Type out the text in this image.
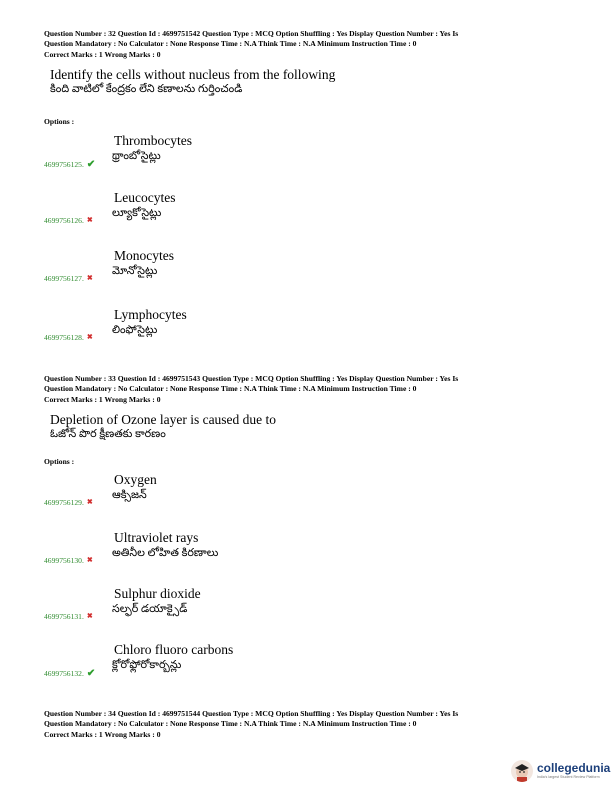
Question Number : 32 Question Id : 4699751542 Question Type : MCQ Option Shuffling : Yes Display Question Number : Yes Is
Question Mandatory : No Calculator : None Response Time : N.A Think Time : N.A Minimum Instruction Time : 0
Correct Marks : 1 Wrong Marks : 0
Identify the cells without nucleus from the following
కింది వాటిలో కేంద్రకం లేని కణాలను గుర్తించండి
Options :
Thrombocytes
థ్రాంబోసైట్లు
4699756125. ✔
Leucocytes
ల్యూకోసైట్లు
4699756126. ✖
Monocytes
మోనోసైట్లు
4699756127. ✖
Lymphocytes
లింఫోసైట్లు
4699756128. ✖
Question Number : 33 Question Id : 4699751543 Question Type : MCQ Option Shuffling : Yes Display Question Number : Yes Is
Question Mandatory : No Calculator : None Response Time : N.A Think Time : N.A Minimum Instruction Time : 0
Correct Marks : 1 Wrong Marks : 0
Depletion of Ozone layer is caused due to
ఓజోన్ పొర క్షీణతకు కారణం
Options :
Oxygen
ఆక్సిజన్
4699756129. ✖
Ultraviolet rays
అతినీల లోహిత కిరణాలు
4699756130. ✖
Sulphur dioxide
సల్ఫర్ డయాక్సైడ్
4699756131. ✖
Chloro fluoro carbons
క్లోరోఫ్లోరోకార్బన్లు
4699756132. ✔
Question Number : 34 Question Id : 4699751544 Question Type : MCQ Option Shuffling : Yes Display Question Number : Yes Is
Question Mandatory : No Calculator : None Response Time : N.A Think Time : N.A Minimum Instruction Time : 0
Correct Marks : 1 Wrong Marks : 0
collegedunia
India's largest Student Review Platform
